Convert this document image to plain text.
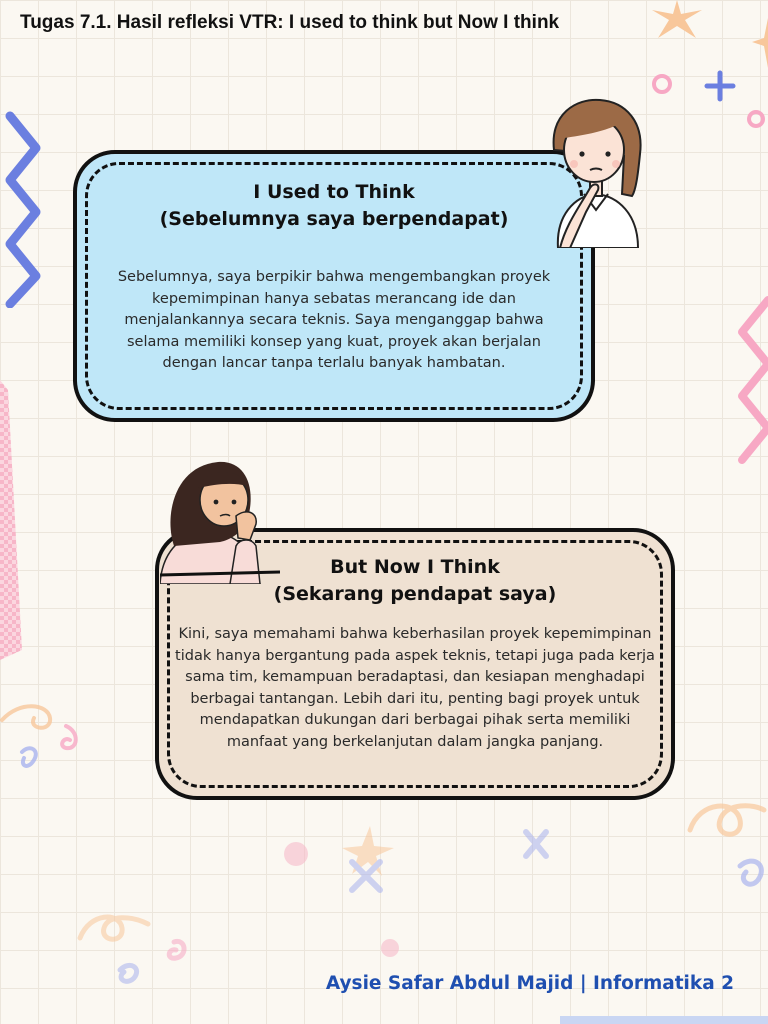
Tugas 7.1. Hasil refleksi VTR: I used to think but Now I think
I Used to Think
(Sebelumnya saya berpendapat)
Sebelumnya, saya berpikir bahwa mengembangkan proyek kepemimpinan hanya sebatas merancang ide dan menjalankannya secara teknis. Saya menganggap bahwa selama memiliki konsep yang kuat, proyek akan berjalan dengan lancar tanpa terlalu banyak hambatan.
But Now I Think
(Sekarang pendapat saya)
Kini, saya memahami bahwa keberhasilan proyek kepemimpinan tidak hanya bergantung pada aspek teknis, tetapi juga pada kerja sama tim, kemampuan beradaptasi, dan kesiapan menghadapi berbagai tantangan. Lebih dari itu, penting bagi proyek untuk mendapatkan dukungan dari berbagai pihak serta memiliki manfaat yang berkelanjutan dalam jangka panjang.
Aysie Safar Abdul Majid | Informatika 2
